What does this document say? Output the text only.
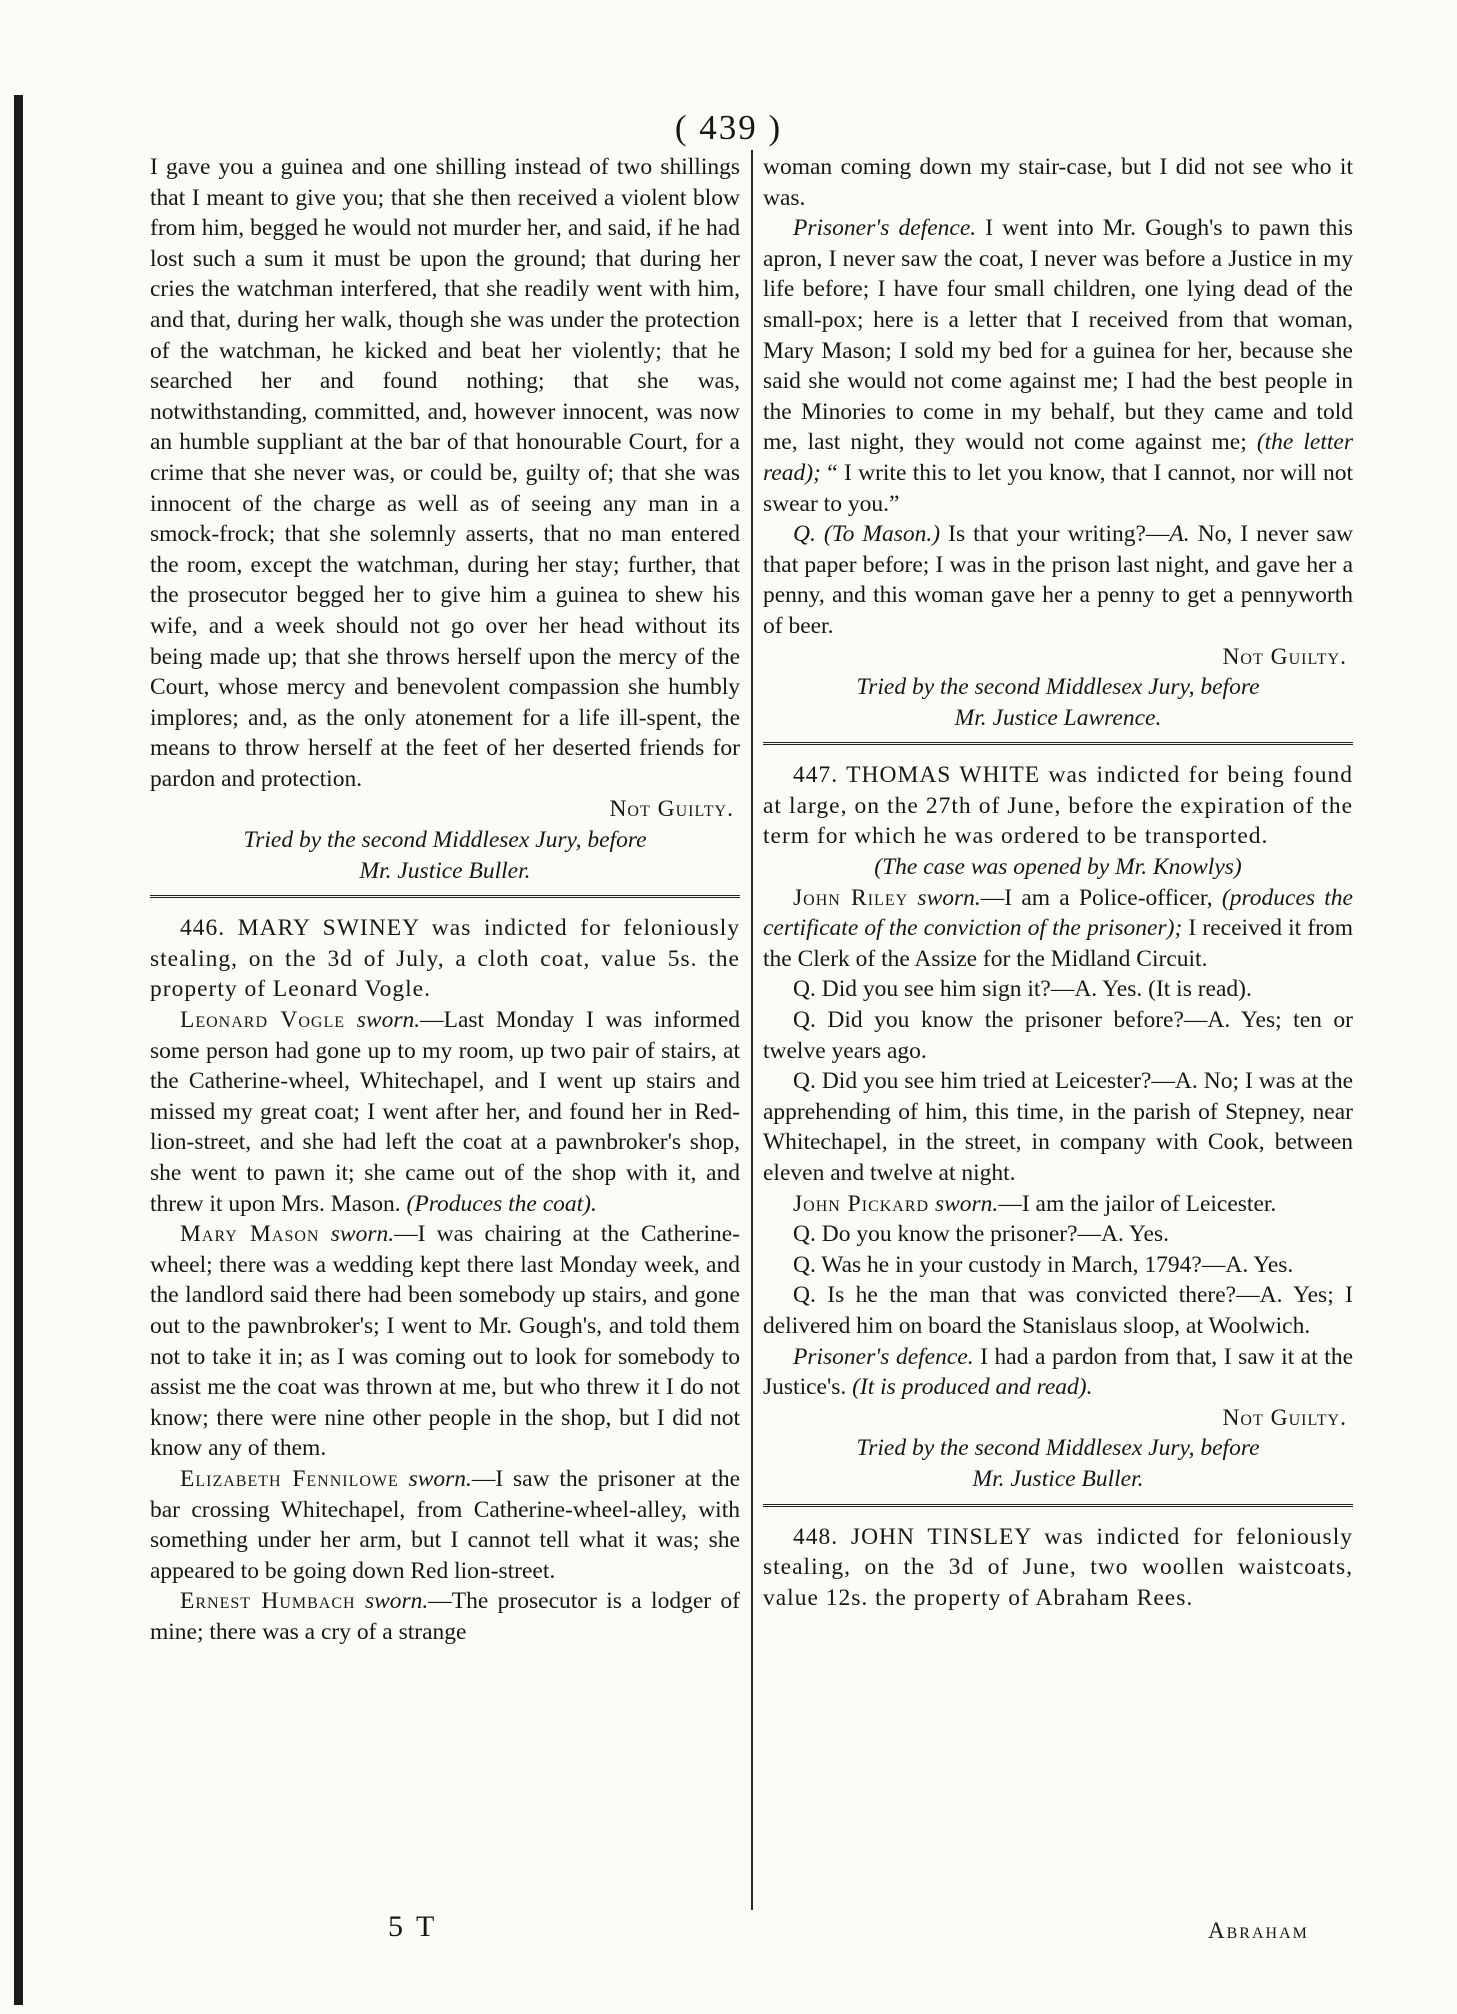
( 439 )

I gave you a guinea and one shilling instead of two shillings that I meant to give you; that she then received a violent blow from him, begged he would not murder her, and said, if he had lost such a sum it must be upon the ground; that during her cries the watchman interfered, that she readily went with him, and that, during her walk, though she was under the protection of the watchman, he kicked and beat her violently; that he searched her and found nothing; that she was, notwithstanding, committed, and, however innocent, was now an humble suppliant at the bar of that honourable Court, for a crime that she never was, or could be, guilty of; that she was innocent of the charge as well as of seeing any man in a smock-frock; that she solemnly asserts, that no man entered the room, except the watchman, during her stay; further, that the prosecutor begged her to give him a guinea to shew his wife, and a week should not go over her head without its being made up; that she throws herself upon the mercy of the Court, whose mercy and benevolent compassion she humbly implores; and, as the only atonement for a life ill-spent, the means to throw herself at the feet of her deserted friends for pardon and protection.

Not Guilty.

Tried by the second Middlesex Jury, before

Mr. Justice Buller.

446. MARY SWINEY was indicted for feloniously stealing, on the 3d of July, a cloth coat, value 5s. the property of Leonard Vogle.

Leonard Vogle sworn.—Last Monday I was informed some person had gone up to my room, up two pair of stairs, at the Catherine-wheel, Whitechapel, and I went up stairs and missed my great coat; I went after her, and found her in Red-lion-street, and she had left the coat at a pawnbroker's shop, she went to pawn it; she came out of the shop with it, and threw it upon Mrs. Mason. (Produces the coat).

Mary Mason sworn.—I was chairing at the Catherine-wheel; there was a wedding kept there last Monday week, and the landlord said there had been somebody up stairs, and gone out to the pawnbroker's; I went to Mr. Gough's, and told them not to take it in; as I was coming out to look for somebody to assist me the coat was thrown at me, but who threw it I do not know; there were nine other people in the shop, but I did not know any of them.

Elizabeth Fennilowe sworn.—I saw the prisoner at the bar crossing Whitechapel, from Catherine-wheel-alley, with something under her arm, but I cannot tell what it was; she appeared to be going down Red lion-street.

Ernest Humbach sworn.—The prosecutor is a lodger of mine; there was a cry of a strange

woman coming down my stair-case, but I did not see who it was.

Prisoner's defence. I went into Mr. Gough's to pawn this apron, I never saw the coat, I never was before a Justice in my life before; I have four small children, one lying dead of the small-pox; here is a letter that I received from that woman, Mary Mason; I sold my bed for a guinea for her, because she said she would not come against me; I had the best people in the Minories to come in my behalf, but they came and told me, last night, they would not come against me; (the letter read); “ I write this to let you know, that I cannot, nor will not swear to you.”

Q. (To Mason.) Is that your writing?—A. No, I never saw that paper before; I was in the prison last night, and gave her a penny, and this woman gave her a penny to get a pennyworth of beer.

Not Guilty.

Tried by the second Middlesex Jury, before

Mr. Justice Lawrence.

447. THOMAS WHITE was indicted for being found at large, on the 27th of June, before the expiration of the term for which he was ordered to be transported.

(The case was opened by Mr. Knowlys)

John Riley sworn.—I am a Police-officer, (produces the certificate of the conviction of the prisoner); I received it from the Clerk of the Assize for the Midland Circuit.

Q. Did you see him sign it?—A. Yes. (It is read).

Q. Did you know the prisoner before?—A. Yes; ten or twelve years ago.

Q. Did you see him tried at Leicester?—A. No; I was at the apprehending of him, this time, in the parish of Stepney, near Whitechapel, in the street, in company with Cook, between eleven and twelve at night.

John Pickard sworn.—I am the jailor of Leicester.

Q. Do you know the prisoner?—A. Yes.

Q. Was he in your custody in March, 1794?—A. Yes.

Q. Is he the man that was convicted there?—A. Yes; I delivered him on board the Stanislaus sloop, at Woolwich.

Prisoner's defence. I had a pardon from that, I saw it at the Justice's. (It is produced and read).

Not Guilty.

Tried by the second Middlesex Jury, before

Mr. Justice Buller.

448. JOHN TINSLEY was indicted for feloniously stealing, on the 3d of June, two woollen waistcoats, value 12s. the property of Abraham Rees.

5 T	Abraham
